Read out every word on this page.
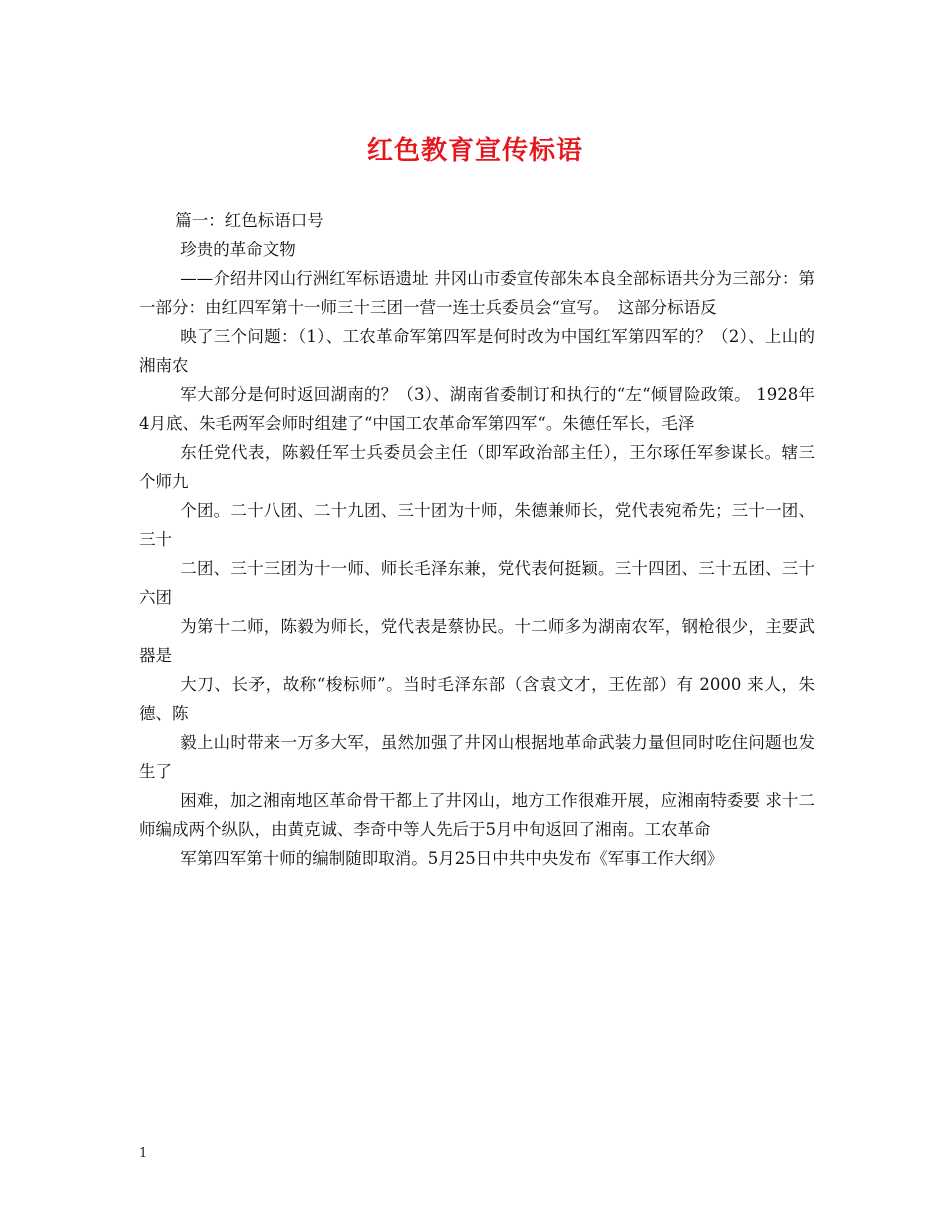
红色教育宣传标语

篇一：红色标语口号

珍贵的革命文物

——介绍井冈山行洲红军标语遗址 井冈山市委宣传部朱本良全部标语共分为三部分：第一部分：由红四军第十一师三十三团一营一连士兵委员会“宣写。　这部分标语反

映了三个问题：（1）、工农革命军第四军是何时改为中国红军第四军的？（2）、上山的湘南农

军大部分是何时返回湖南的？（3）、湖南省委制订和执行的“左“倾冒险政策。 1928年4月底、朱毛两军会师时组建了“中国工农革命军第四军“。朱德任军长，毛泽

东任党代表，陈毅任军士兵委员会主任（即军政治部主任），王尔琢任军参谋长。辖三个师九

个团。二十八团、二十九团、三十团为十师，朱德兼师长，党代表宛希先；三十一团、三十

二团、三十三团为十一师、师长毛泽东兼，党代表何挺颖。三十四团、三十五团、三十六团

为第十二师，陈毅为师长，党代表是蔡协民。十二师多为湖南农军，钢枪很少，主要武器是

大刀、长矛，故称“梭标师”。当时毛泽东部（含袁文才，王佐部）有 2000 来人，朱德、陈

毅上山时带来一万多大军，虽然加强了井冈山根据地革命武装力量但同时吃住问题也发生了

困难，加之湘南地区革命骨干都上了井冈山，地方工作很难开展，应湘南特委要 求十二师编成两个纵队，由黄克诚、李奇中等人先后于5月中旬返回了湘南。工农革命

军第四军第十师的编制随即取消。5月25日中共中央发布《军事工作大纲》

1
